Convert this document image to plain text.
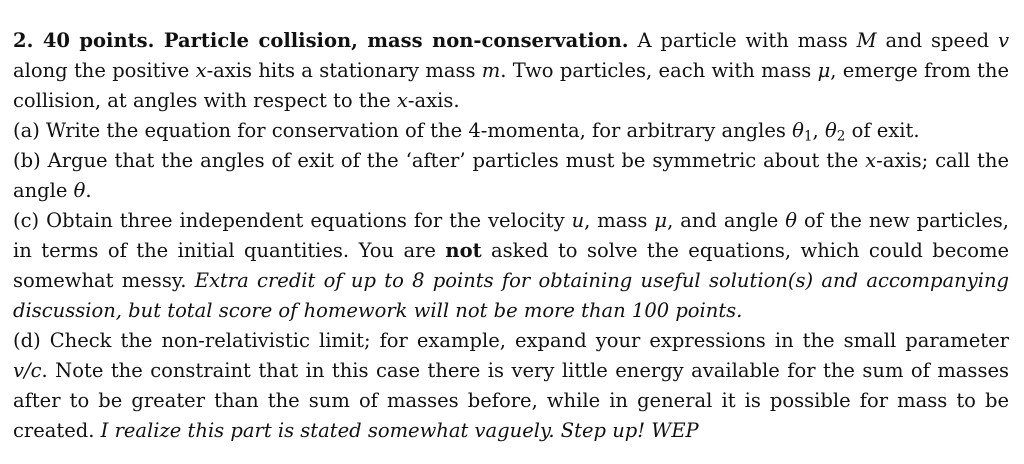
2. 40 points. Particle collision, mass non-conservation. A particle with mass M and speed v along the positive x-axis hits a stationary mass m. Two particles, each with mass μ, emerge from the collision, at angles with respect to the x-axis.

(a) Write the equation for conservation of the 4-momenta, for arbitrary angles $\theta_1$, $\theta_2$ of exit.

(b) Argue that the angles of exit of the ‘after’ particles must be symmetric about the x-axis; call the angle θ.

(c) Obtain three independent equations for the velocity u, mass μ, and angle θ of the new particles, in terms of the initial quantities. You are not asked to solve the equations, which could become somewhat messy. Extra credit of up to 8 points for obtaining useful solution(s) and accompanying discussion, but total score of homework will not be more than 100 points.

(d) Check the non-relativistic limit; for example, expand your expressions in the small parameter v/c. Note the constraint that in this case there is very little energy available for the sum of masses after to be greater than the sum of masses before, while in general it is possible for mass to be created. I realize this part is stated somewhat vaguely. Step up! WEP
